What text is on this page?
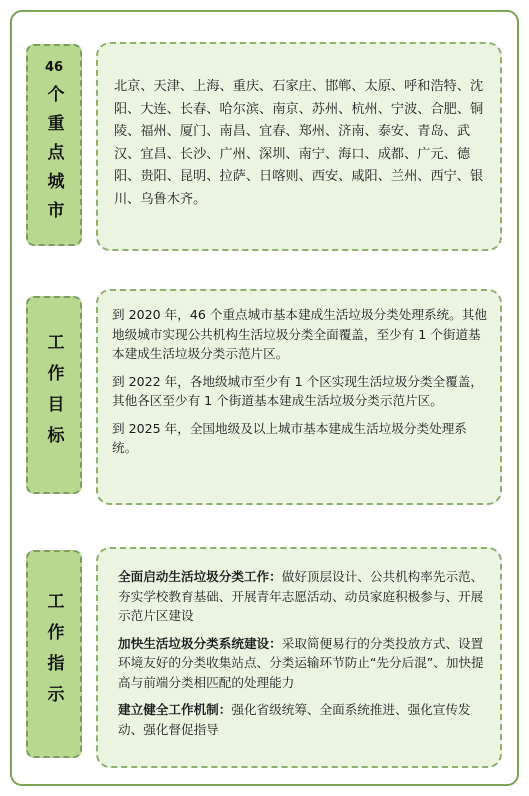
46
个重点城市	北京、天津、上海、重庆、石家庄、邯郸、太原、呼和浩特、沈阳、大连、长春、哈尔滨、南京、苏州、杭州、宁波、合肥、铜陵、福州、厦门、南昌、宜春、郑州、济南、泰安、青岛、武汉、宜昌、长沙、广州、深圳、南宁、海口、成都、广元、德阳、贵阳、昆明、拉萨、日喀则、西安、咸阳、兰州、西宁、银川、乌鲁木齐。
工作目标

到 2020 年，46 个重点城市基本建成生活垃圾分类处理系统。其他地级城市实现公共机构生活垃圾分类全面覆盖，至少有 1 个街道基本建成生活垃圾分类示范片区。

到 2022 年，各地级城市至少有 1 个区实现生活垃圾分类全覆盖，其他各区至少有 1 个街道基本建成生活垃圾分类示范片区。

到 2025 年，全国地级及以上城市基本建成生活垃圾分类处理系统。

工作指示

全面启动生活垃圾分类工作：做好顶层设计、公共机构率先示范、夯实学校教育基础、开展青年志愿活动、动员家庭积极参与、开展示范片区建设

加快生活垃圾分类系统建设：采取简便易行的分类投放方式、设置环境友好的分类收集站点、分类运输环节防止“先分后混”、加快提高与前端分类相匹配的处理能力

建立健全工作机制：强化省级统筹、全面系统推进、强化宣传发动、强化督促指导
